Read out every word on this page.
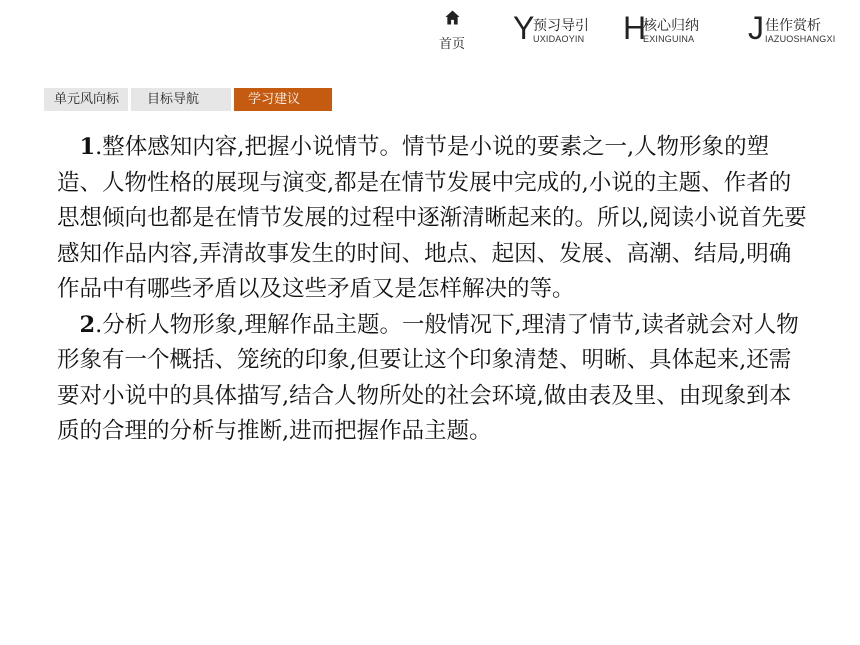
首页 Y
预习导引
UXIDAOYIN H
核心归纳
EXINGUINA J 佳作赏析
IAZUOSHANGXI
单元风向标	目标导航	学习建议

1.整体感知内容,把握小说情节。情节是小说的要素之一,人物形象的塑造、人物性格的展现与演变,都是在情节发展中完成的,小说的主题、作者的思想倾向也都是在情节发展的过程中逐渐清晰起来的。所以,阅读小说首先要感知作品内容,弄清故事发生的时间、地点、起因、发展、高潮、结局,明确作品中有哪些矛盾以及这些矛盾又是怎样解决的等。

2.分析人物形象,理解作品主题。一般情况下,理清了情节,读者就会对人物形象有一个概括、笼统的印象,但要让这个印象清楚、明晰、具体起来,还需要对小说中的具体描写,结合人物所处的社会环境,做由表及里、由现象到本质的合理的分析与推断,进而把握作品主题。
